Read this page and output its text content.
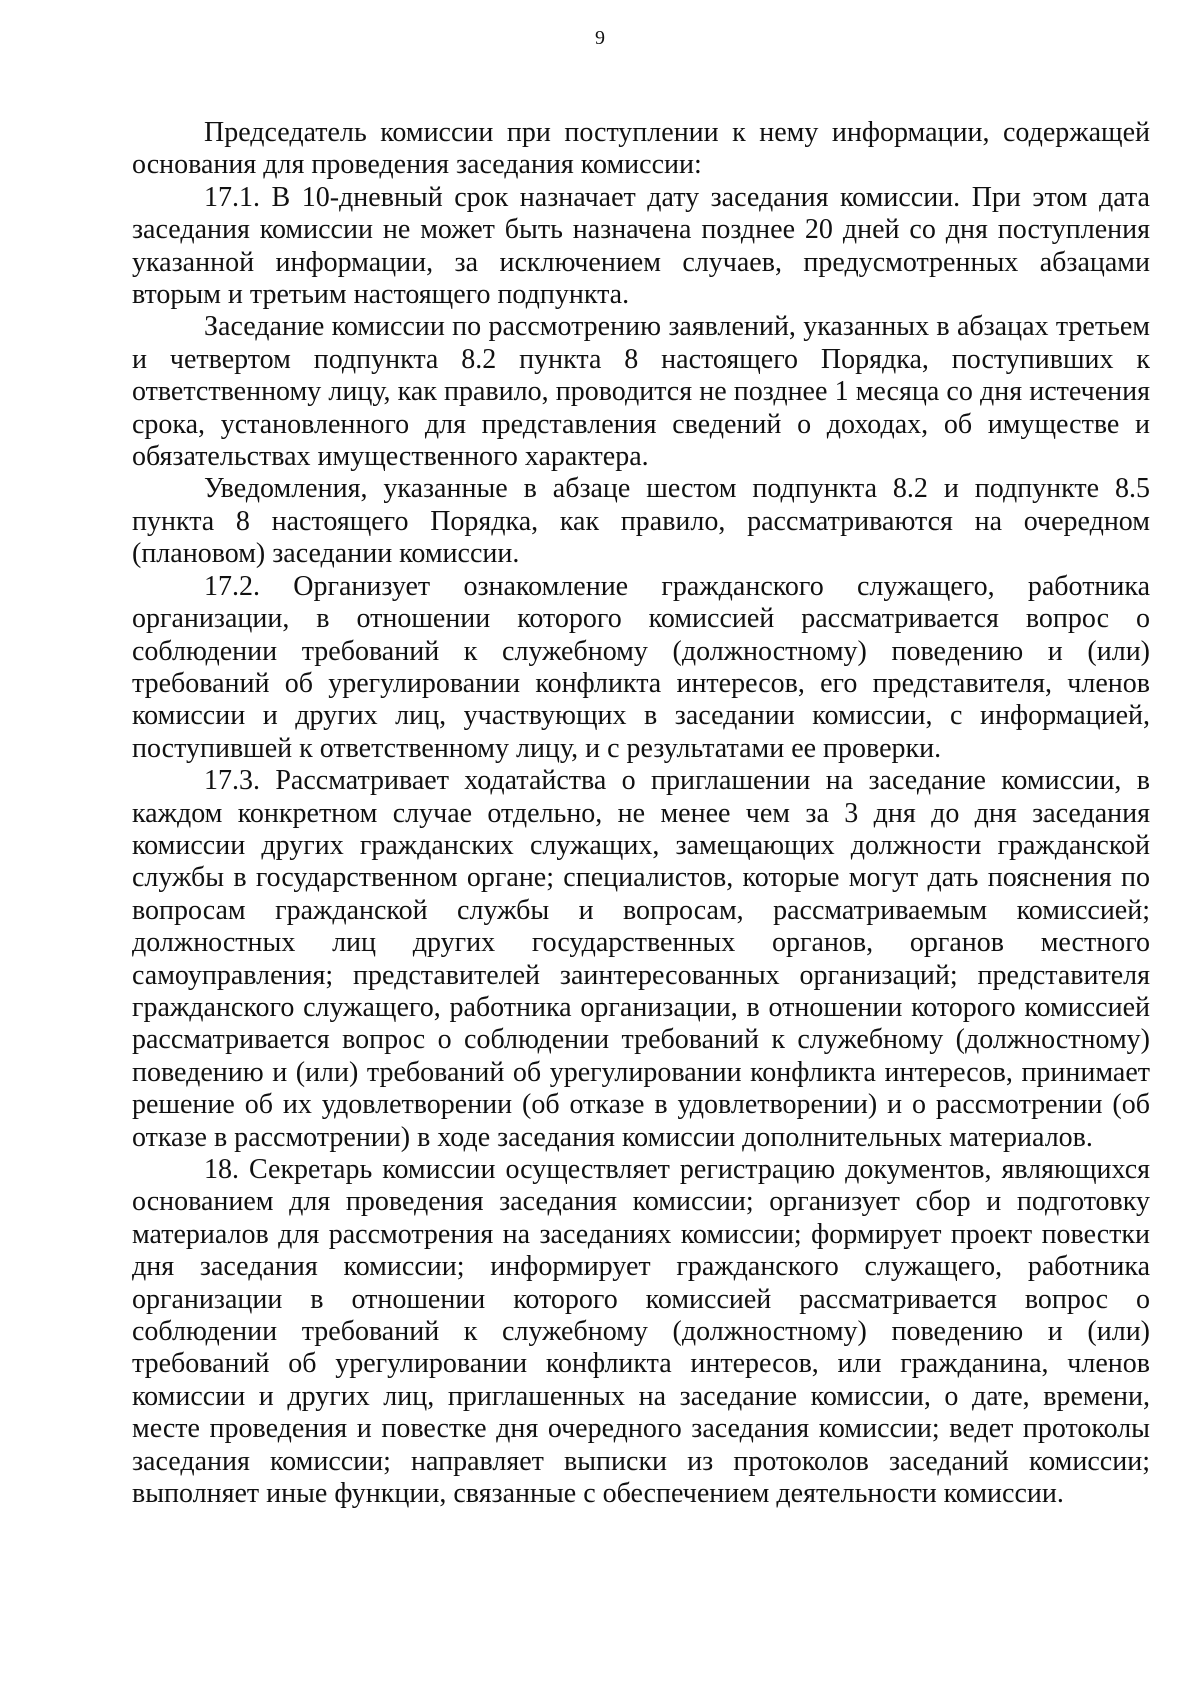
9

Председатель комиссии при поступлении к нему информации, содержащей основания для проведения заседания комиссии:

17.1. В 10-дневный срок назначает дату заседания комиссии. При этом дата заседания комиссии не может быть назначена позднее 20 дней со дня поступления указанной информации, за исключением случаев, предусмотренных абзацами вторым и третьим настоящего подпункта.

Заседание комиссии по рассмотрению заявлений, указанных в абзацах третьем и четвертом подпункта 8.2 пункта 8 настоящего Порядка, поступивших к ответственному лицу, как правило, проводится не позднее 1 месяца со дня истечения срока, установленного для представления сведений о доходах, об имуществе и обязательствах имущественного характера.

Уведомления, указанные в абзаце шестом подпункта 8.2 и подпункте 8.5 пункта 8 настоящего Порядка, как правило, рассматриваются на очередном (плановом) заседании комиссии.

17.2. Организует ознакомление гражданского служащего, работника организации, в отношении которого комиссией рассматривается вопрос о соблюдении требований к служебному (должностному) поведению и (или) требований об урегулировании конфликта интересов, его представителя, членов комиссии и других лиц, участвующих в заседании комиссии, с информацией, поступившей к ответственному лицу, и с результатами ее проверки.

17.3. Рассматривает ходатайства о приглашении на заседание комиссии, в каждом конкретном случае отдельно, не менее чем за 3 дня до дня заседания комиссии других гражданских служащих, замещающих должности гражданской службы в государственном органе; специалистов, которые могут дать пояснения по вопросам гражданской службы и вопросам, рассматриваемым комиссией; должностных лиц других государственных органов, органов местного самоуправления; представителей заинтересованных организаций; представителя гражданского служащего, работника организации, в отношении которого комиссией рассматривается вопрос о соблюдении требований к служебному (должностному) поведению и (или) требований об урегулировании конфликта интересов, принимает решение об их удовлетворении (об отказе в удовлетворении) и о рассмотрении (об отказе в рассмотрении) в ходе заседания комиссии дополнительных материалов.

18. Секретарь комиссии осуществляет регистрацию документов, являющихся основанием для проведения заседания комиссии; организует сбор и подготовку материалов для рассмотрения на заседаниях комиссии; формирует проект повестки дня заседания комиссии; информирует гражданского служащего, работника организации в отношении которого комиссией рассматривается вопрос о соблюдении требований к служебному (должностному) поведению и (или) требований об урегулировании конфликта интересов, или гражданина, членов комиссии и других лиц, приглашенных на заседание комиссии, о дате, времени, месте проведения и повестке дня очередного заседания комиссии; ведет протоколы заседания комиссии; направляет выписки из протоколов заседаний комиссии; выполняет иные функции, связанные с обеспечением деятельности комиссии.
